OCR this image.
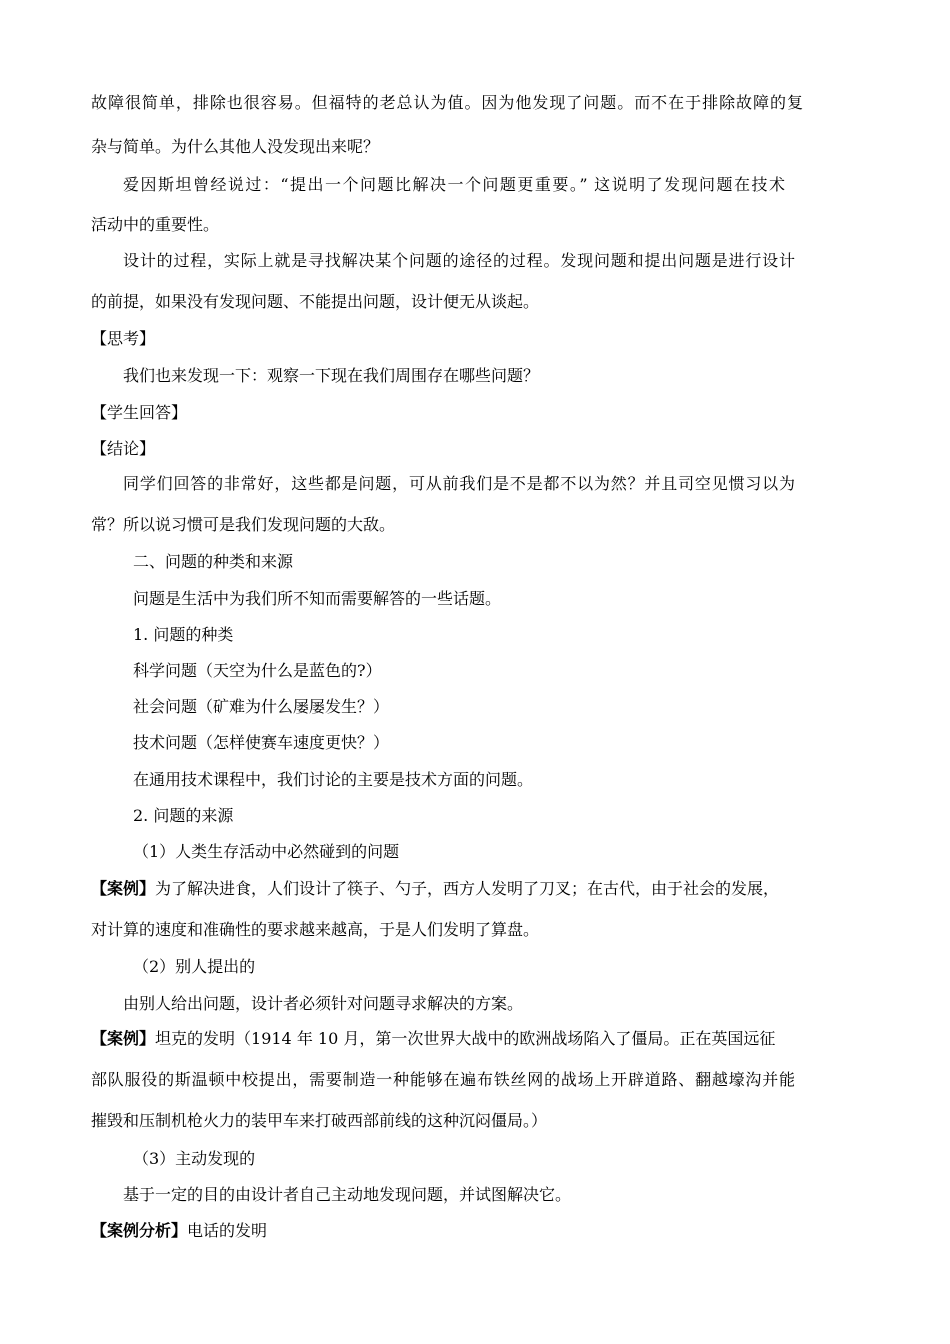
故障很简单，排除也很容易。但福特的老总认为值。因为他发现了问题。而不在于排除故障的复
杂与简单。为什么其他人没发现出来呢？
爱因斯坦曾经说过：“提出一个问题比解决一个问题更重要。” 这说明了发现问题在技术
活动中的重要性。
设计的过程，实际上就是寻找解决某个问题的途径的过程。发现问题和提出问题是进行设计
的前提，如果没有发现问题、不能提出问题，设计便无从谈起。
【思考】
我们也来发现一下：观察一下现在我们周围存在哪些问题？
【学生回答】
【结论】
同学们回答的非常好，这些都是问题，可从前我们是不是都不以为然？并且司空见惯习以为
常？所以说习惯可是我们发现问题的大敌。
二、问题的种类和来源
问题是生活中为我们所不知而需要解答的一些话题。
1. 问题的种类
科学问题（天空为什么是蓝色的?）
社会问题（矿难为什么屡屡发生？）
技术问题（怎样使赛车速度更快？）
在通用技术课程中，我们讨论的主要是技术方面的问题。
2. 问题的来源
（1）人类生存活动中必然碰到的问题
【案例】为了解决进食，人们设计了筷子、勺子，西方人发明了刀叉；在古代，由于社会的发展，
对计算的速度和准确性的要求越来越高，于是人们发明了算盘。
（2）别人提出的
由别人给出问题，设计者必须针对问题寻求解决的方案。
【案例】坦克的发明（1914 年 10 月，第一次世界大战中的欧洲战场陷入了僵局。正在英国远征
部队服役的斯温顿中校提出，需要制造一种能够在遍布铁丝网的战场上开辟道路、翻越壕沟并能
摧毁和压制机枪火力的装甲车来打破西部前线的这种沉闷僵局。）
（3）主动发现的
基于一定的目的由设计者自己主动地发现问题，并试图解决它。
【案例分析】电话的发明
